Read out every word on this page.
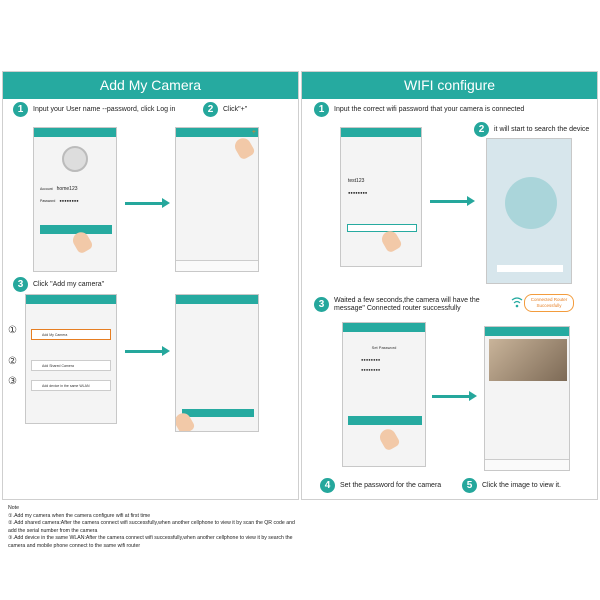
Add My Camera
1	Input your User name --password, click Log in	2	Click"+"
Account home123
Password ●●●●●●●●
+
3	Click "Add my camera"
①
②
③
Add My Camera
Add Shared Camera
Add device in the same WLAN
Note
①.Add my camera when the camera configure wifi at first time
②.Add shared camera:After the camera connect wifi successfully,when another cellphone to view it by scan the QR code and add the serial number from the camera
③.Add device in the same WLAN:After the camera connect wifi successfully,when another cellphone to view it by search the camera and mobile phone connect to the same wifi router
WIFI configure
1	Input the correct wifi password that your camera is connected
test123
●●●●●●●●
2	it will start to search the device
3	Waited a few seconds,the camera will have the message" Connected router successfully
Set Password
●●●●●●●●
●●●●●●●●
4	Set the password for the camera	5	Click the image to view it.
Connected Router Successfully
